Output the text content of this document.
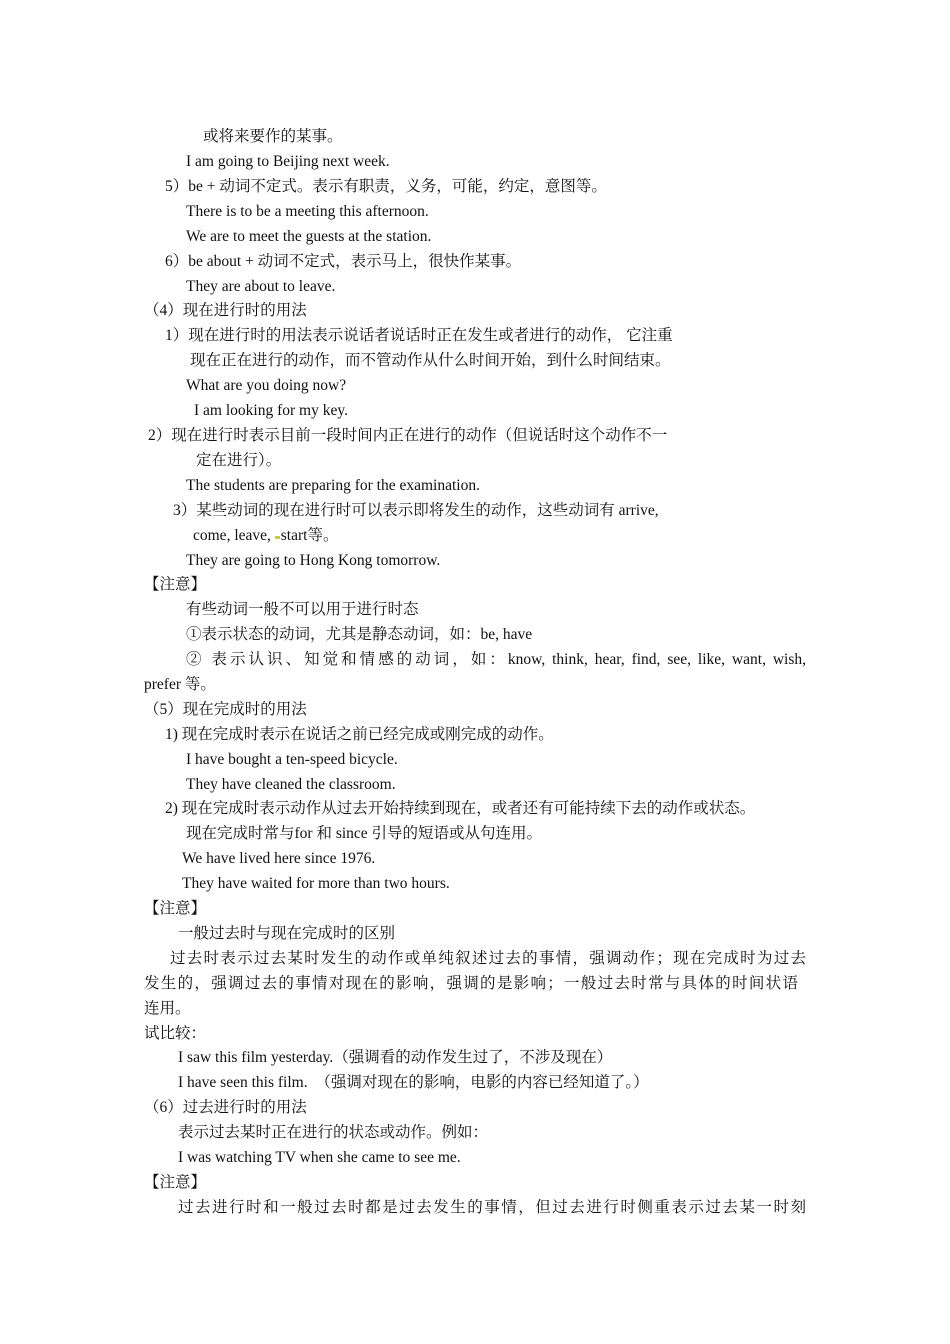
或将来要作的某事。
I am going to Beijing next week.
5）be + 动词不定式。表示有职责，义务，可能，约定，意图等。
There is to be a meeting this afternoon.
We are to meet the guests at the station.
6）be about + 动词不定式，表示马上，很快作某事。
They are about to leave.
（4）现在进行时的用法
1）现在进行时的用法表示说话者说话时正在发生或者进行的动作， 它注重
现在正在进行的动作，而不管动作从什么时间开始，到什么时间结束。
What are you doing now?
I am looking for my key.
2）现在进行时表示目前一段时间内正在进行的动作（但说话时这个动作不一
定在进行）。
The students are preparing for the examination.
3）某些动词的现在进行时可以表示即将发生的动作，这些动词有 arrive,
come, leave, start等。
They are going to Hong Kong tomorrow.
【注意】
有些动词一般不可以用于进行时态
①表示状态的动词，尤其是静态动词，如：be, have
② 表示认识、知觉和情感的动词，如：know, think, hear, find, see, like, want, wish,
prefer 等。
（5）现在完成时的用法
1) 现在完成时表示在说话之前已经完成或刚完成的动作。
I have bought a ten-speed bicycle.
They have cleaned the classroom.
2) 现在完成时表示动作从过去开始持续到现在，或者还有可能持续下去的动作或状态。
现在完成时常与for 和 since 引导的短语或从句连用。
We have lived here since 1976.
They have waited for more than two hours.
【注意】
一般过去时与现在完成时的区别
过去时表示过去某时发生的动作或单纯叙述过去的事情，强调动作；现在完成时为过去
发生的，强调过去的事情对现在的影响，强调的是影响；一般过去时常与具体的时间状语
连用。
试比较：
I saw this film yesterday.（强调看的动作发生过了，不涉及现在）
I have seen this film.  （强调对现在的影响，电影的内容已经知道了。）
（6）过去进行时的用法
表示过去某时正在进行的状态或动作。例如：
I was watching TV when she came to see me.
【注意】
过去进行时和一般过去时都是过去发生的事情，但过去进行时侧重表示过去某一时刻
